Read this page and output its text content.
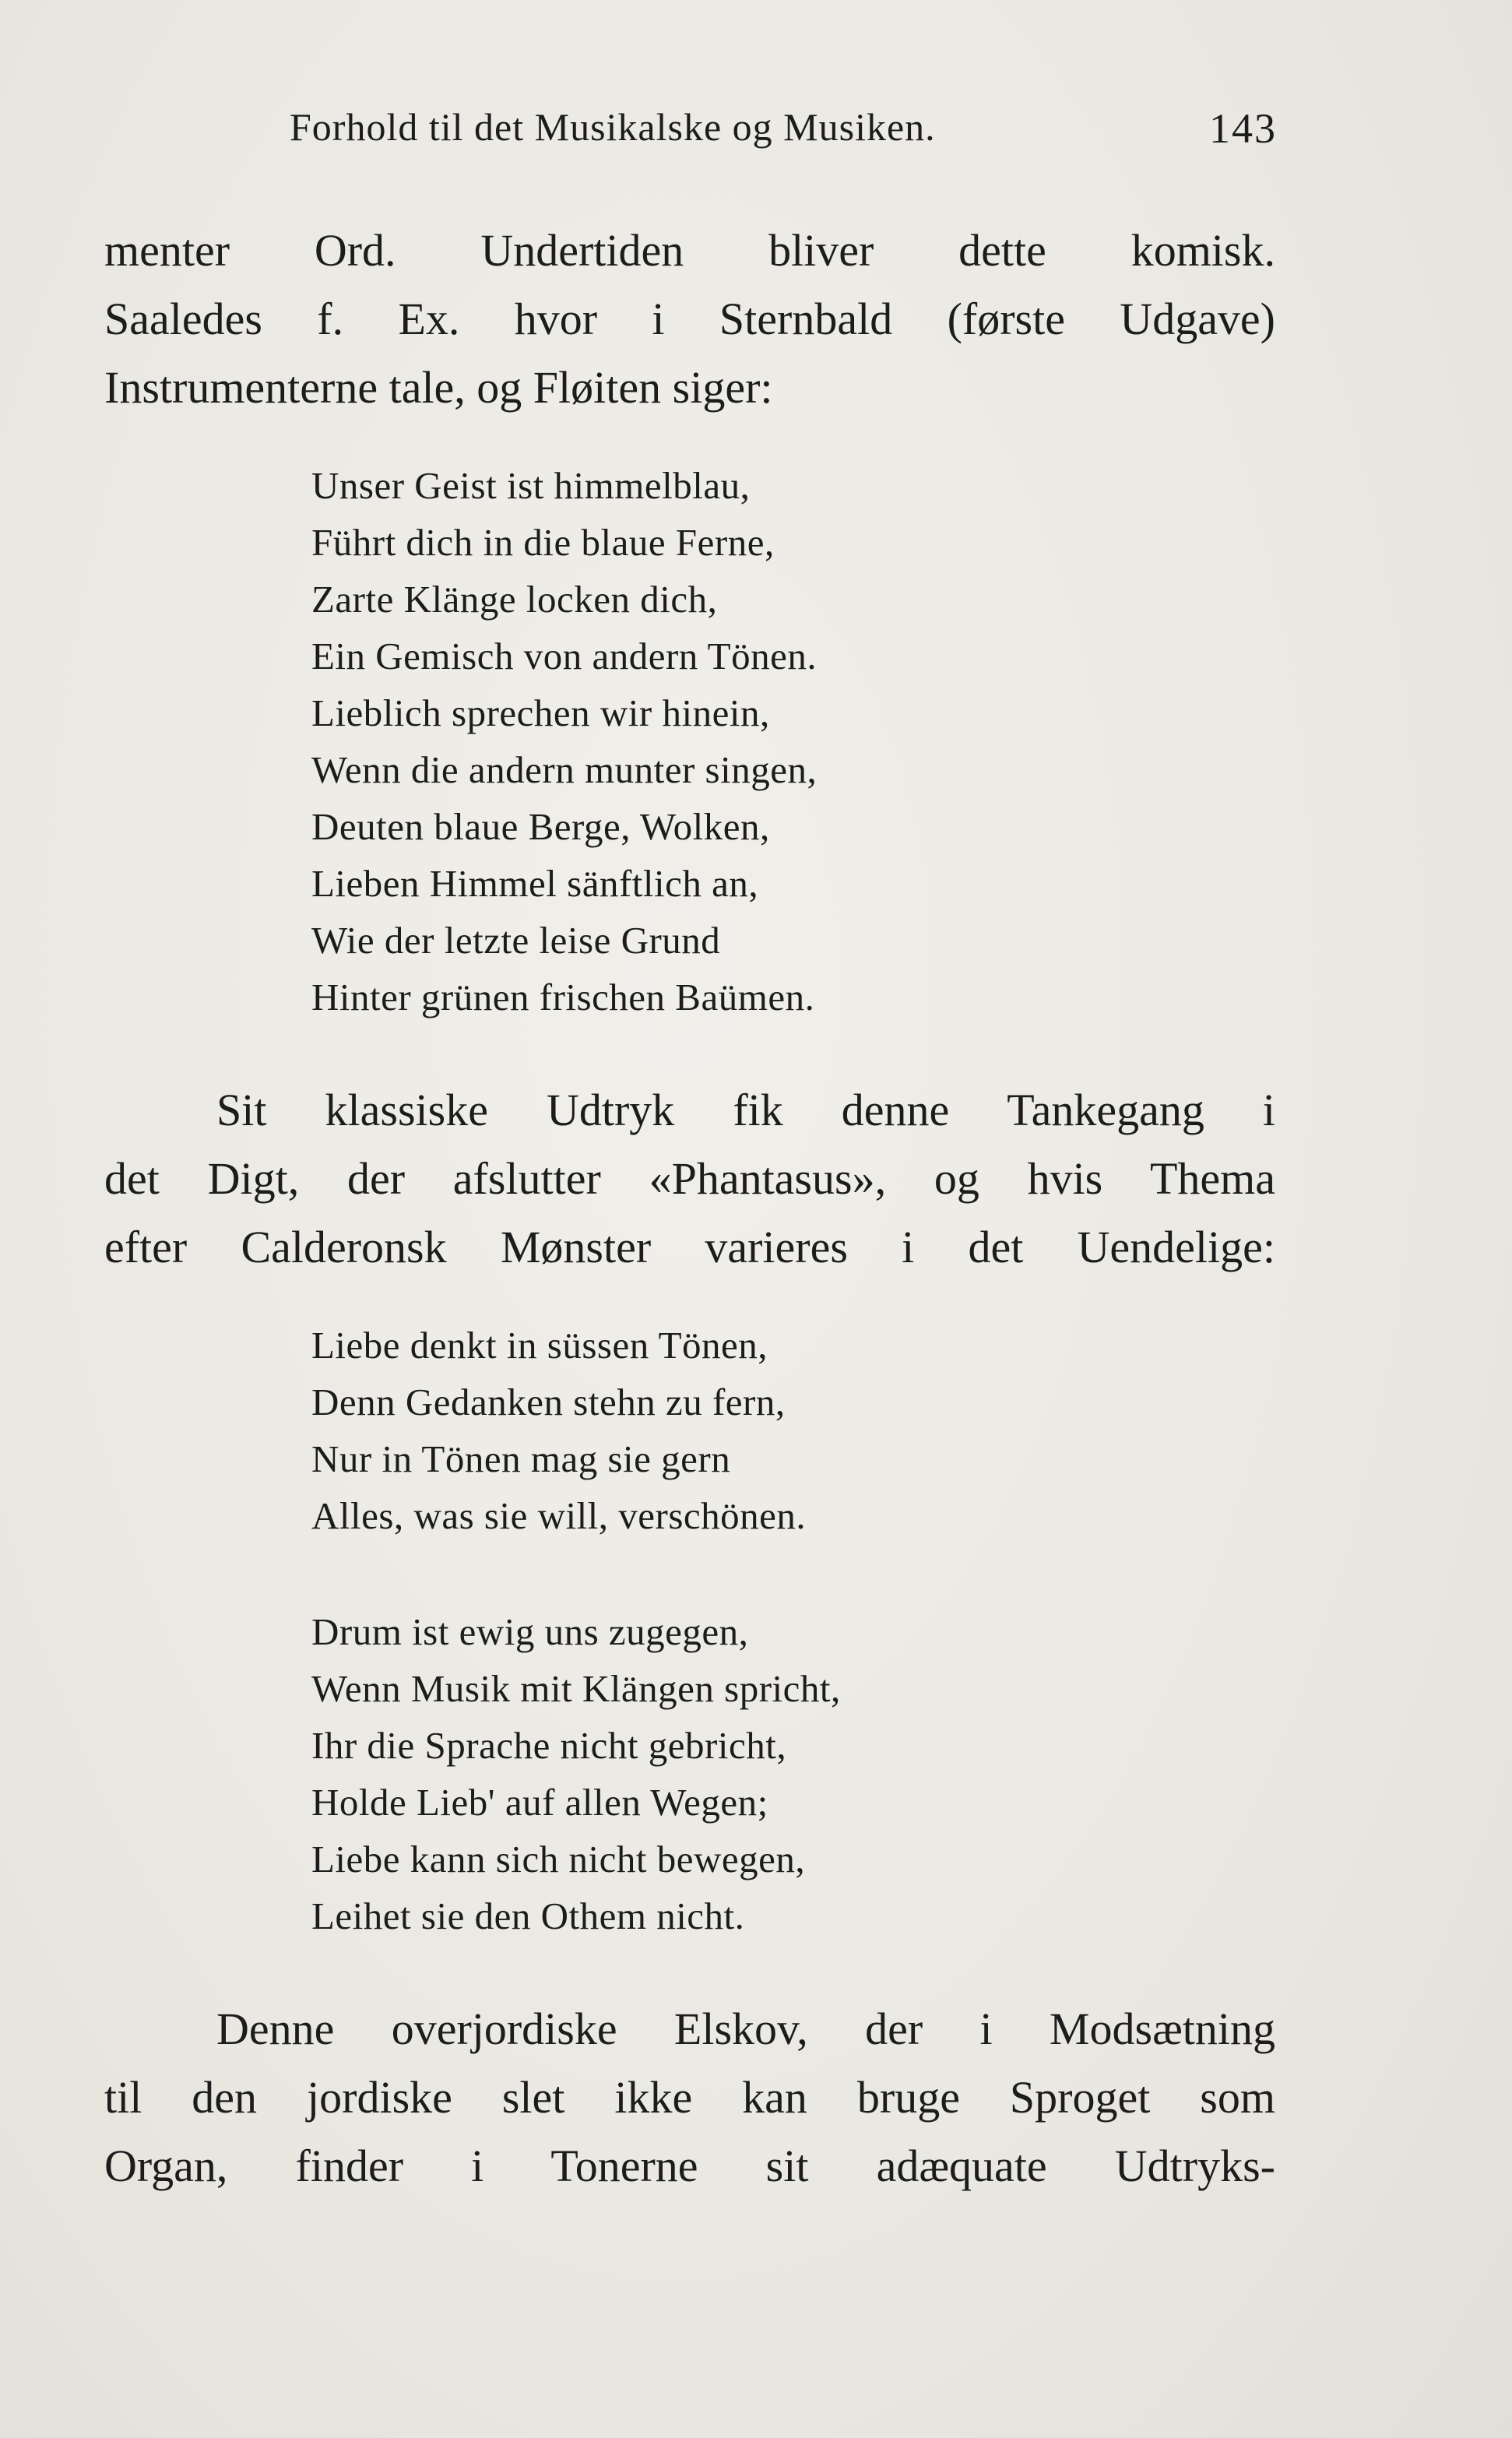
Forhold til det Musikalske og Musiken.	143
menter Ord. Undertiden bliver dette komisk.
Saaledes f. Ex. hvor i Sternbald (første Udgave)
Instrumenterne tale, og Fløiten siger:
Unser Geist ist himmelblau,
Führt dich in die blaue Ferne,
Zarte Klänge locken dich,
Ein Gemisch von andern Tönen.
Lieblich sprechen wir hinein,
Wenn die andern munter singen,
Deuten blaue Berge, Wolken,
Lieben Himmel sänftlich an,
Wie der letzte leise Grund
Hinter grünen frischen Baümen.
Sit klassiske Udtryk fik denne Tankegang i
det Digt, der afslutter «Phantasus», og hvis Thema
efter Calderonsk Mønster varieres i det Uendelige:
Liebe denkt in süssen Tönen,
Denn Gedanken stehn zu fern,
Nur in Tönen mag sie gern
Alles, was sie will, verschönen.
Drum ist ewig uns zugegen,
Wenn Musik mit Klängen spricht,
Ihr die Sprache nicht gebricht,
Holde Lieb' auf allen Wegen;
Liebe kann sich nicht bewegen,
Leihet sie den Othem nicht.
Denne overjordiske Elskov, der i Modsætning
til den jordiske slet ikke kan bruge Sproget som
Organ, finder i Tonerne sit adæquate Udtryks-
